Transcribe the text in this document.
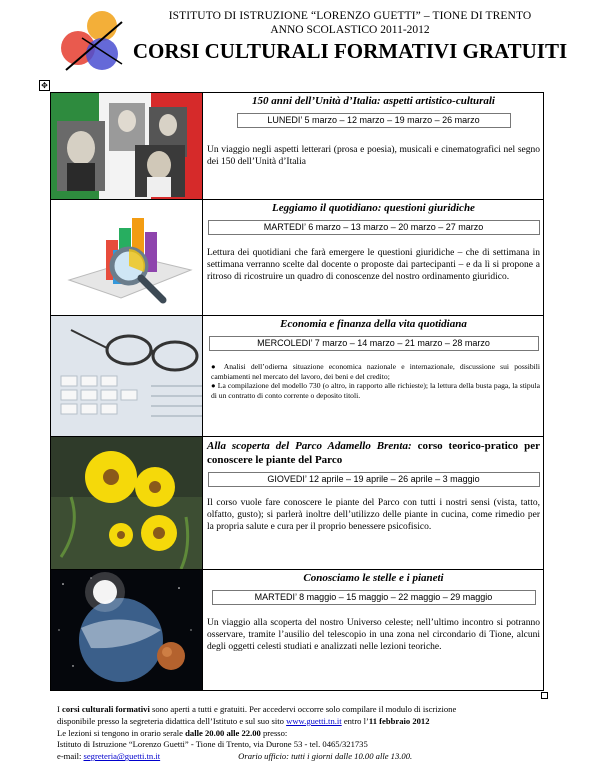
ISTITUTO DI ISTRUZIONE “LORENZO GUETTI” – TIONE DI TRENTO
ANNO SCOLASTICO 2011-2012
CORSI CULTURALI FORMATIVI GRATUITI
✥

150 anni dell’Unità d’Italia: aspetti artistico-culturali

LUNEDI’ 5 marzo – 12 marzo – 19 marzo – 26 marzo

Un viaggio negli aspetti letterari (prosa e poesia), musicali e cinematografici nel segno dei 150 dell’Unità d’Italia

Leggiamo il quotidiano: questioni giuridiche

MARTEDI’ 6 marzo – 13 marzo – 20 marzo – 27 marzo

Lettura dei quotidiani che farà emergere le questioni giuridiche – che di settimana in settimana verranno scelte dal docente o proposte dai partecipanti – e da lì si propone a ritroso di ricostruire un quadro di conoscenze del nostro ordinamento giuridico.

Economia e finanza della vita quotidiana

MERCOLEDI’ 7 marzo – 14 marzo – 21 marzo – 28 marzo
● Analisi dell’odierna situazione economica nazionale e internazionale, discussione sui possibili cambiamenti nel mercato del lavoro, dei beni e del credito;
● La compilazione del modello 730 (o altro, in rapporto alle richieste); la lettura della busta paga, la stipula di un contratto di conto corrente o deposito titoli.

Alla scoperta del Parco Adamello Brenta: corso teorico-pratico per conoscere le piante del Parco

GIOVEDI’ 12 aprile – 19 aprile – 26 aprile – 3 maggio

Il corso vuole fare conoscere le piante del Parco con tutti i nostri sensi (vista, tatto, olfatto, gusto); si parlerà inoltre dell’utilizzo delle piante in cucina, come rimedio per la propria salute e cura per il proprio benessere psicofisico.

Conosciamo le stelle e i pianeti

MARTEDI’ 8 maggio – 15 maggio – 22 maggio – 29 maggio

Un viaggio alla scoperta del nostro Universo celeste; nell’ultimo incontro si potranno osservare, tramite l’ausilio del telescopio in una zona nel circondario di Tione, alcuni degli oggetti celesti studiati e analizzati nelle lezioni teoriche.

I corsi culturali formativi sono aperti a tutti e gratuiti. Per accedervi occorre solo compilare il modulo di iscrizione
disponibile presso la segreteria didattica dell’Istituto e sul suo sito www.guetti.tn.it entro l’11 febbraio 2012
Le lezioni si tengono in orario serale dalle 20.00 alle 22.00 presso:
Istituto di Istruzione “Lorenzo Guetti” - Tione di Trento, via Durone 53 - tel. 0465/321735
e-mail: segreteria@guetti.tn.it	Orario ufficio: tutti i giorni dalle 10.00 alle 13.00.
